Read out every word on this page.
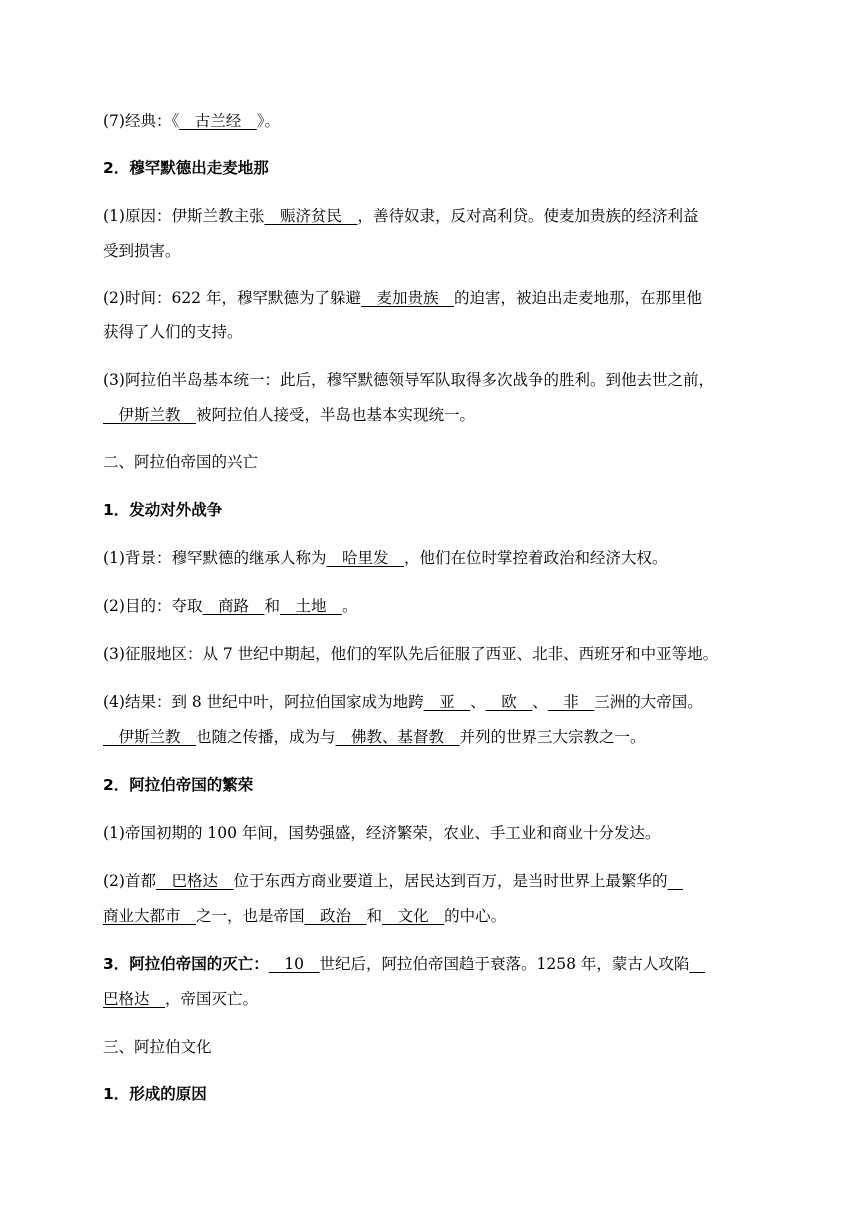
(7)经典：《__古兰经__》。
2．穆罕默德出走麦地那
(1)原因：伊斯兰教主张__赈济贫民__，善待奴隶，反对高利贷。使麦加贵族的经济利益
受到损害。
(2)时间：622 年，穆罕默德为了躲避__麦加贵族__的迫害，被迫出走麦地那，在那里他
获得了人们的支持。
(3)阿拉伯半岛基本统一：此后，穆罕默德领导军队取得多次战争的胜利。到他去世之前，
__伊斯兰教__被阿拉伯人接受，半岛也基本实现统一。
二、阿拉伯帝国的兴亡
1．发动对外战争
(1)背景：穆罕默德的继承人称为__哈里发__，他们在位时掌控着政治和经济大权。
(2)目的：夺取__商路__和__土地__。
(3)征服地区：从 7 世纪中期起，他们的军队先后征服了西亚、北非、西班牙和中亚等地。
(4)结果：到 8 世纪中叶，阿拉伯国家成为地跨__亚__、__欧__、__非__三洲的大帝国。
__伊斯兰教__也随之传播，成为与__佛教、基督教__并列的世界三大宗教之一。
2．阿拉伯帝国的繁荣
(1)帝国初期的 100 年间，国势强盛，经济繁荣，农业、手工业和商业十分发达。
(2)首都__巴格达__位于东西方商业要道上，居民达到百万，是当时世界上最繁华的__
商业大都市__之一，也是帝国__政治__和__文化__的中心。
3．阿拉伯帝国的灭亡：__10__世纪后，阿拉伯帝国趋于衰落。1258 年，蒙古人攻陷__
巴格达__，帝国灭亡。
三、阿拉伯文化
1．形成的原因
